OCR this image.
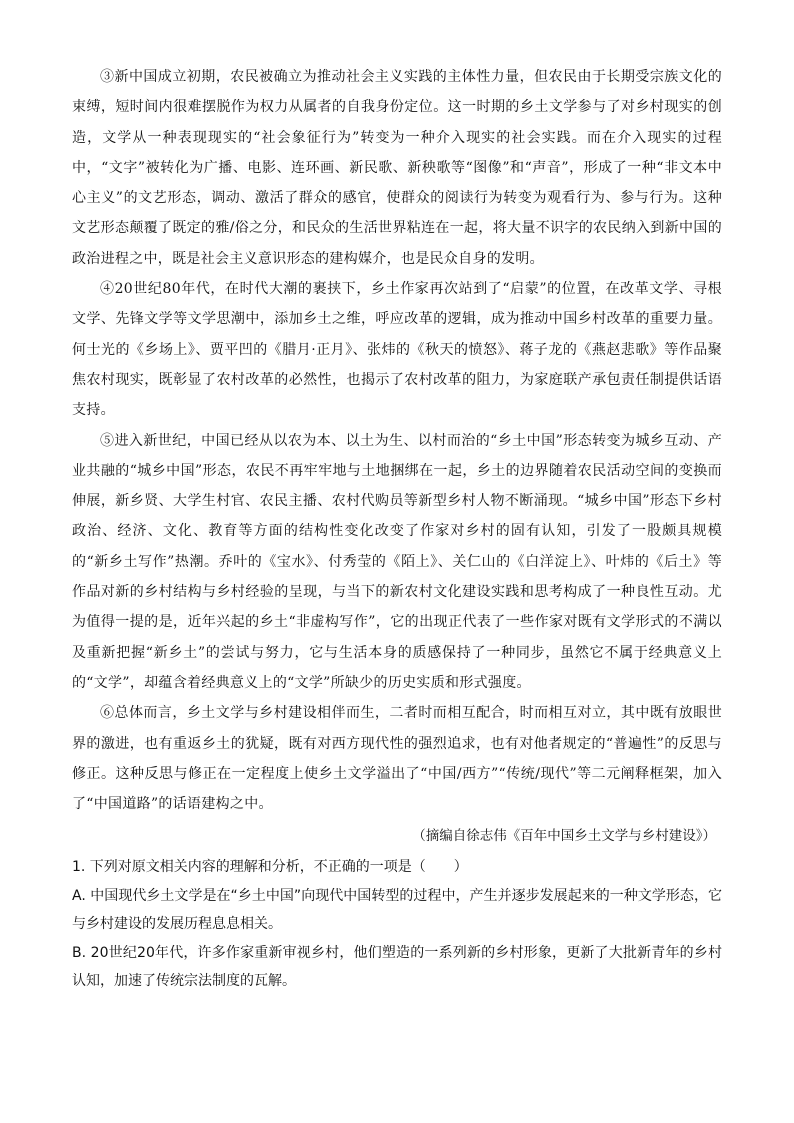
③新中国成立初期，农民被确立为推动社会主义实践的主体性力量，但农民由于长期受宗族文化的束缚，短时间内很难摆脱作为权力从属者的自我身份定位。这一时期的乡土文学参与了对乡村现实的创造，文学从一种表现现实的“社会象征行为”转变为一种介入现实的社会实践。而在介入现实的过程中，“文字”被转化为广播、电影、连环画、新民歌、新秧歌等“图像”和“声音”，形成了一种“非文本中心主义”的文艺形态，调动、激活了群众的感官，使群众的阅读行为转变为观看行为、参与行为。这种文艺形态颠覆了既定的雅/俗之分，和民众的生活世界粘连在一起，将大量不识字的农民纳入到新中国的政治进程之中，既是社会主义意识形态的建构媒介，也是民众自身的发明。

④20世纪80年代，在时代大潮的裹挟下，乡土作家再次站到了“启蒙”的位置，在改革文学、寻根文学、先锋文学等文学思潮中，添加乡土之维，呼应改革的逻辑，成为推动中国乡村改革的重要力量。何士光的《乡场上》、贾平凹的《腊月·正月》、张炜的《秋天的愤怒》、蒋子龙的《燕赵悲歌》等作品聚焦农村现实，既彰显了农村改革的必然性，也揭示了农村改革的阻力，为家庭联产承包责任制提供话语支持。

⑤进入新世纪，中国已经从以农为本、以土为生、以村而治的“乡土中国”形态转变为城乡互动、产业共融的“城乡中国”形态，农民不再牢牢地与土地捆绑在一起，乡土的边界随着农民活动空间的变换而伸展，新乡贤、大学生村官、农民主播、农村代购员等新型乡村人物不断涌现。“城乡中国”形态下乡村政治、经济、文化、教育等方面的结构性变化改变了作家对乡村的固有认知，引发了一股颇具规模的“新乡土写作”热潮。乔叶的《宝水》、付秀莹的《陌上》、关仁山的《白洋淀上》、叶炜的《后土》等作品对新的乡村结构与乡村经验的呈现，与当下的新农村文化建设实践和思考构成了一种良性互动。尤为值得一提的是，近年兴起的乡土“非虚构写作”，它的出现正代表了一些作家对既有文学形式的不满以及重新把握“新乡土”的尝试与努力，它与生活本身的质感保持了一种同步，虽然它不属于经典意义上的“文学”，却蕴含着经典意义上的“文学”所缺少的历史实质和形式强度。

⑥总体而言，乡土文学与乡村建设相伴而生，二者时而相互配合，时而相互对立，其中既有放眼世界的激进，也有重返乡土的犹疑，既有对西方现代性的强烈追求，也有对他者规定的“普遍性”的反思与修正。这种反思与修正在一定程度上使乡土文学溢出了“中国/西方”“传统/现代”等二元阐释框架，加入了“中国道路”的话语建构之中。

（摘编自徐志伟《百年中国乡土文学与乡村建设》）

1. 下列对原文相关内容的理解和分析，不正确的一项是（　　）

A. 中国现代乡土文学是在“乡土中国”向现代中国转型的过程中，产生并逐步发展起来的一种文学形态，它与乡村建设的发展历程息息相关。

B. 20世纪20年代，许多作家重新审视乡村，他们塑造的一系列新的乡村形象，更新了大批新青年的乡村认知，加速了传统宗法制度的瓦解。
